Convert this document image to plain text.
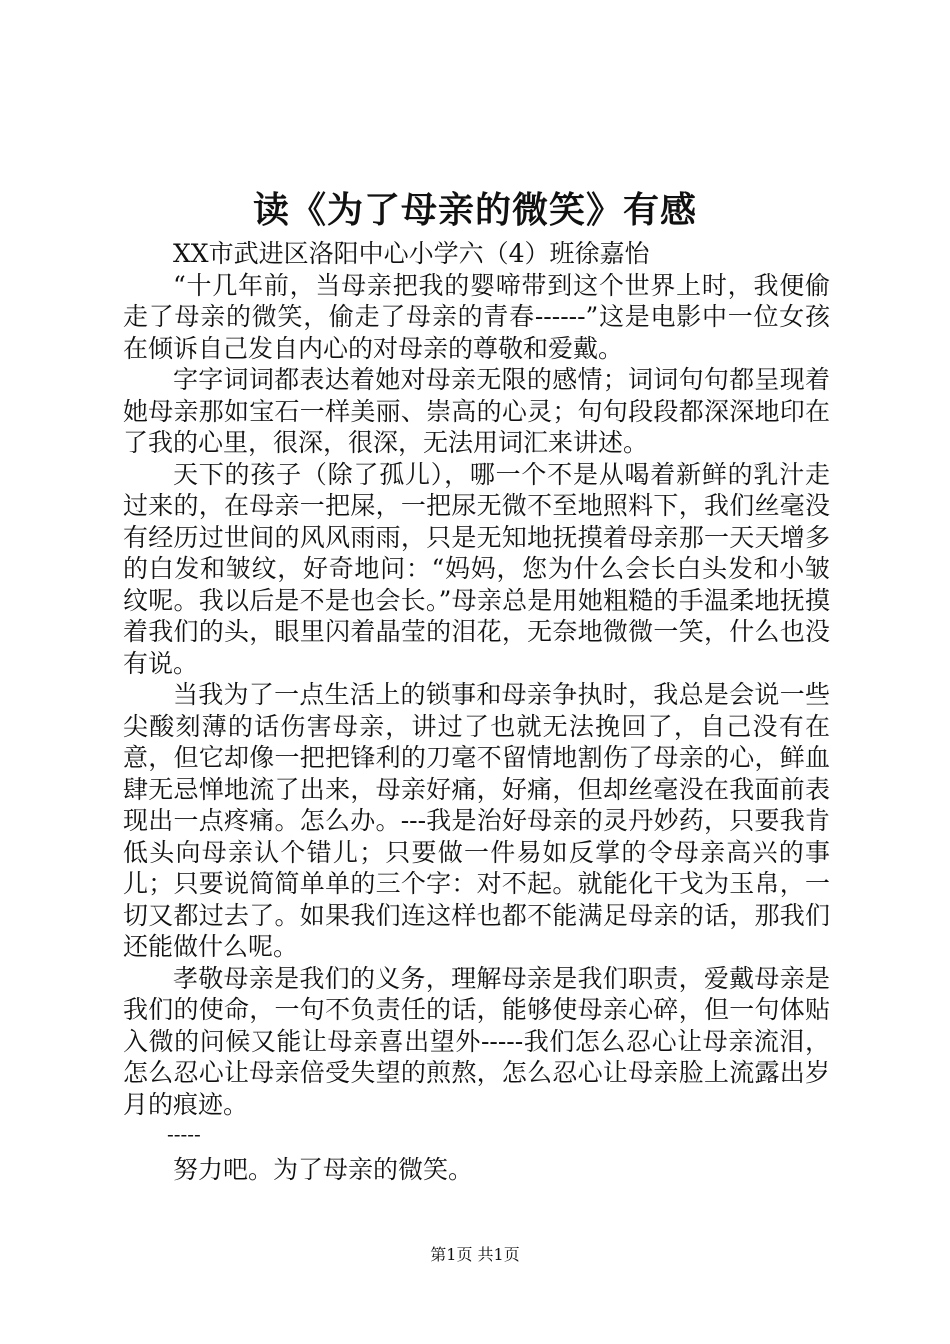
读《为了母亲的微笑》有感

XX市武进区洛阳中心小学六（4）班徐嘉怡

“十几年前，当母亲把我的婴啼带到这个世界上时，我便偷走了母亲的微笑，偷走了母亲的青春------”这是电影中一位女孩在倾诉自己发自内心的对母亲的尊敬和爱戴。

字字词词都表达着她对母亲无限的感情；词词句句都呈现着她母亲那如宝石一样美丽、崇高的心灵；句句段段都深深地印在了我的心里，很深，很深，无法用词汇来讲述。

天下的孩子（除了孤儿），哪一个不是从喝着新鲜的乳汁走过来的，在母亲一把屎，一把尿无微不至地照料下，我们丝毫没有经历过世间的风风雨雨，只是无知地抚摸着母亲那一天天增多的白发和皱纹，好奇地问：“妈妈，您为什么会长白头发和小皱纹呢。我以后是不是也会长。”母亲总是用她粗糙的手温柔地抚摸着我们的头，眼里闪着晶莹的泪花，无奈地微微一笑，什么也没有说。

当我为了一点生活上的锁事和母亲争执时，我总是会说一些尖酸刻薄的话伤害母亲，讲过了也就无法挽回了，自己没有在意，但它却像一把把锋利的刀毫不留情地割伤了母亲的心，鲜血肆无忌惮地流了出来，母亲好痛，好痛，但却丝毫没在我面前表现出一点疼痛。怎么办。---我是治好母亲的灵丹妙药，只要我肯低头向母亲认个错儿；只要做一件易如反掌的令母亲高兴的事儿；只要说简简单单的三个字：对不起。就能化干戈为玉帛，一切又都过去了。如果我们连这样也都不能满足母亲的话，那我们还能做什么呢。

孝敬母亲是我们的义务，理解母亲是我们职责，爱戴母亲是我们的使命，一句不负责任的话，能够使母亲心碎，但一句体贴入微的问候又能让母亲喜出望外-----我们怎么忍心让母亲流泪，怎么忍心让母亲倍受失望的煎熬，怎么忍心让母亲脸上流露出岁月的痕迹。

-----

努力吧。为了母亲的微笑。

第1页 共1页
